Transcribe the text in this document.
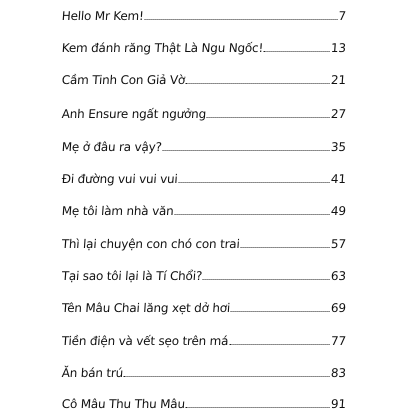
Hello Mr Kem!	7
Kem đánh răng Thật Là Ngu Ngốc!	13
Cầm Tinh Con Giả Vờ	21
Anh Ensure ngất ngưởng	27
Mẹ ở đâu ra vậy?	35
Đi đường vui vui vui	41
Mẹ tôi làm nhà văn	49
Thì lại chuyện con chó con trai	57
Tại sao tôi lại là Tí Chổi?	63
Tên Mâu Chai lăng xẹt dở hơi	69
Tiền điện và vết sẹo trên má	77
Ăn bán trú	83
Cô Mâu Thu Thu Mâu	91
